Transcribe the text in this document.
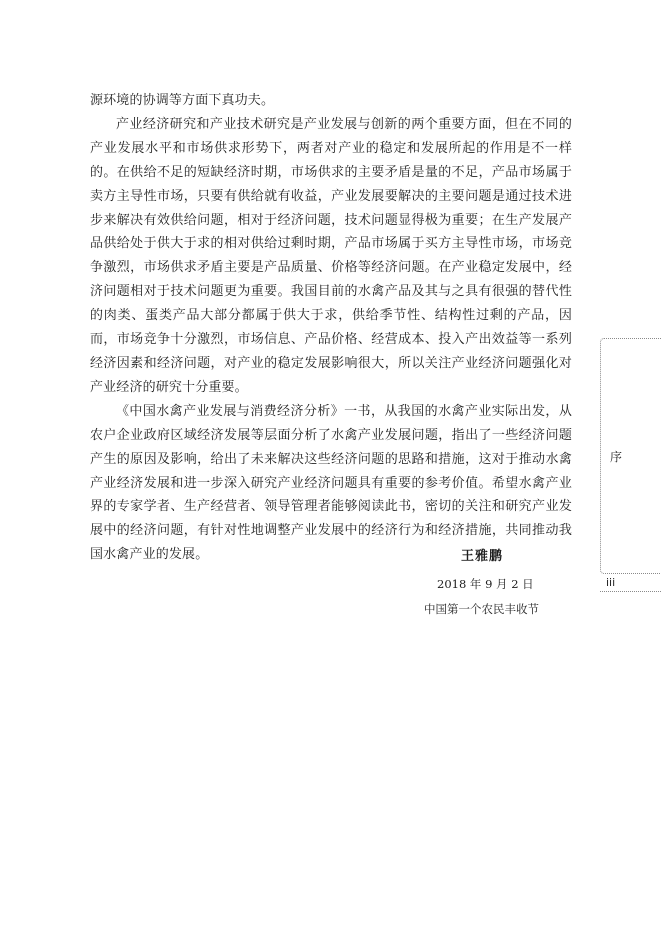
源环境的协调等方面下真功夫。

产业经济研究和产业技术研究是产业发展与创新的两个重要方面，但在不同的产业发展水平和市场供求形势下，两者对产业的稳定和发展所起的作用是不一样的。在供给不足的短缺经济时期，市场供求的主要矛盾是量的不足，产品市场属于卖方主导性市场，只要有供给就有收益，产业发展要解决的主要问题是通过技术进步来解决有效供给问题，相对于经济问题，技术问题显得极为重要；在生产发展产品供给处于供大于求的相对供给过剩时期，产品市场属于买方主导性市场，市场竞争激烈，市场供求矛盾主要是产品质量、价格等经济问题。在产业稳定发展中，经济问题相对于技术问题更为重要。我国目前的水禽产品及其与之具有很强的替代性的肉类、蛋类产品大部分都属于供大于求，供给季节性、结构性过剩的产品，因而，市场竞争十分激烈，市场信息、产品价格、经营成本、投入产出效益等一系列经济因素和经济问题，对产业的稳定发展影响很大，所以关注产业经济问题强化对产业经济的研究十分重要。

《中国水禽产业发展与消费经济分析》一书，从我国的水禽产业实际出发，从农户企业政府区域经济发展等层面分析了水禽产业发展问题，指出了一些经济问题产生的原因及影响，给出了未来解决这些经济问题的思路和措施，这对于推动水禽产业经济发展和进一步深入研究产业经济问题具有重要的参考价值。希望水禽产业界的专家学者、生产经营者、领导管理者能够阅读此书，密切的关注和研究产业发展中的经济问题，有针对性地调整产业发展中的经济行为和经济措施，共同推动我国水禽产业的发展。	王雅鹏
2018 年 9 月 2 日
中国第一个农民丰收节
序
iii
